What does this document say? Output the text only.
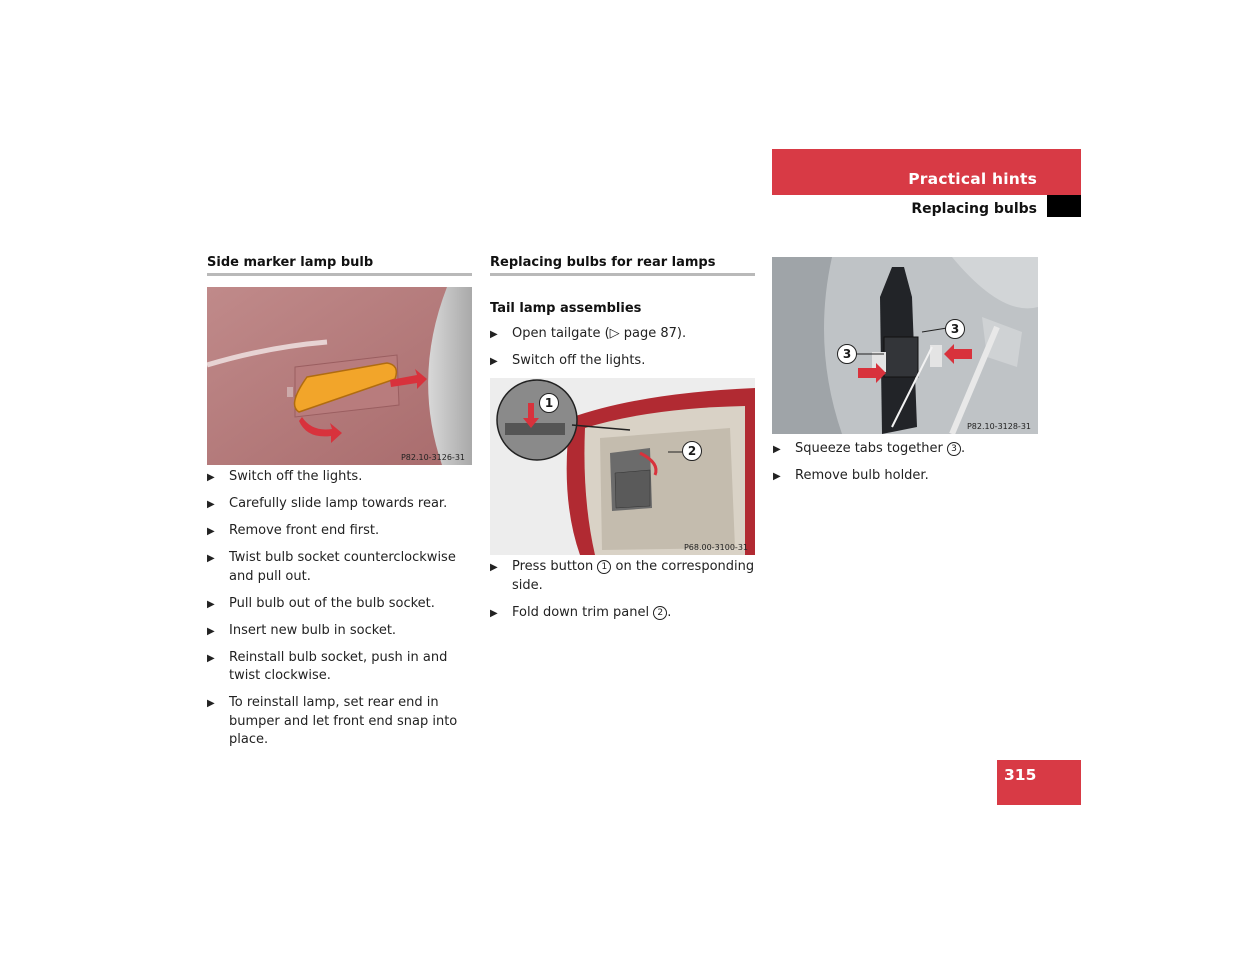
Practical hints
Replacing bulbs
Side marker lamp bulb
P82.10-3126-31
▶ Switch off the lights.
▶ Carefully slide lamp towards rear.
▶ Remove front end first.
▶ Twist bulb socket counterclockwise and pull out.
▶ Pull bulb out of the bulb socket.
▶ Insert new bulb in socket.
▶ Reinstall bulb socket, push in and twist clockwise.
▶ To reinstall lamp, set rear end in bumper and let front end snap into place.
Replacing bulbs for rear lamps
Tail lamp assemblies
▶ Open tailgate (▷ page 87).
▶ Switch off the lights.
1
2
P68.00-3100-31
▶ Press button 1 on the corresponding side.
▶ Fold down trim panel 2 .
3
3
P82.10-3128-31
▶ Squeeze tabs together 3 .
▶ Remove bulb holder.
315
